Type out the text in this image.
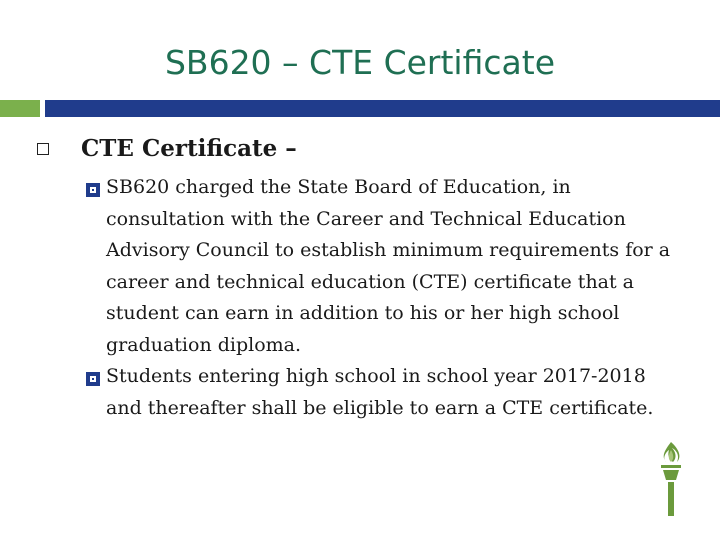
SB620 – CTE Certificate
CTE Certificate –
SB620 charged the State Board of Education, in consultation with the Career and Technical Education Advisory Council to establish minimum requirements for a career and technical education (CTE) certificate that a student can earn in addition to his or her high school graduation diploma.
Students entering high school in school year 2017-2018 and thereafter shall be eligible to earn a CTE certificate.
